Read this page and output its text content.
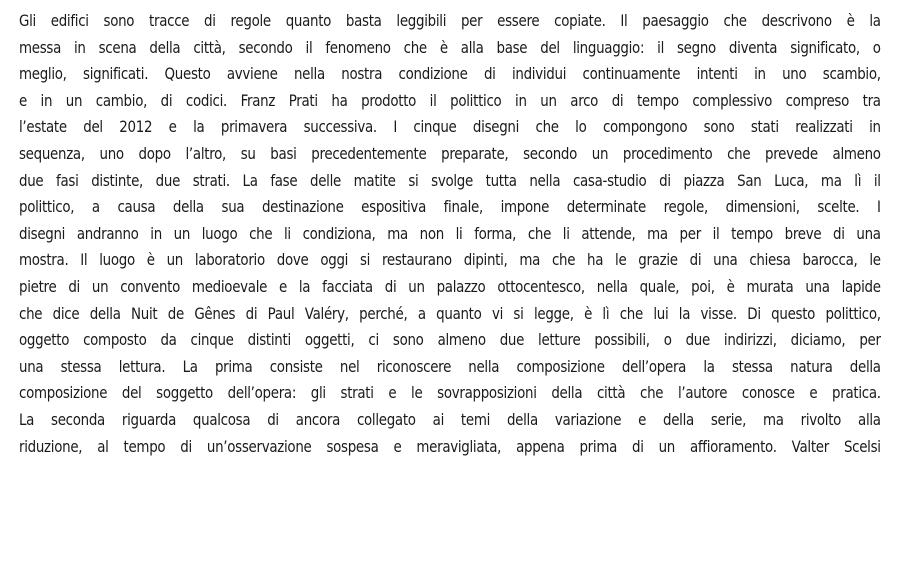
Gli edifici sono tracce di regole quanto basta leggibili per essere copiate. Il paesaggio che descrivono è la
messa in scena della città, secondo il fenomeno che è alla base del linguaggio: il segno diventa significato, o
meglio, significati. Questo avviene nella nostra condizione di individui continuamente intenti in uno scambio,
e in un cambio, di codici. Franz Prati ha prodotto il polittico in un arco di tempo complessivo compreso tra
l’estate del 2012 e la primavera successiva. I cinque disegni che lo compongono sono stati realizzati in
sequenza, uno dopo l’altro, su basi precedentemente preparate, secondo un procedimento che prevede almeno
due fasi distinte, due strati. La fase delle matite si svolge tutta nella casa-studio di piazza San Luca, ma lì il
polittico, a causa della sua destinazione espositiva finale, impone determinate regole, dimensioni, scelte. I
disegni andranno in un luogo che li condiziona, ma non li forma, che li attende, ma per il tempo breve di una
mostra. Il luogo è un laboratorio dove oggi si restaurano dipinti, ma che ha le grazie di una chiesa barocca, le
pietre di un convento medioevale e la facciata di un palazzo ottocentesco, nella quale, poi, è murata una lapide
che dice della Nuit de Gênes di Paul Valéry, perché, a quanto vi si legge, è lì che lui la visse. Di questo polittico,
oggetto composto da cinque distinti oggetti, ci sono almeno due letture possibili, o due indirizzi, diciamo, per
una stessa lettura. La prima consiste nel riconoscere nella composizione dell’opera la stessa natura della
composizione del soggetto dell’opera: gli strati e le sovrapposizioni della città che l’autore conosce e pratica.
La seconda riguarda qualcosa di ancora collegato ai temi della variazione e della serie, ma rivolto alla
riduzione, al tempo di un’osservazione sospesa e meravigliata, appena prima di un affioramento. Valter Scelsi
